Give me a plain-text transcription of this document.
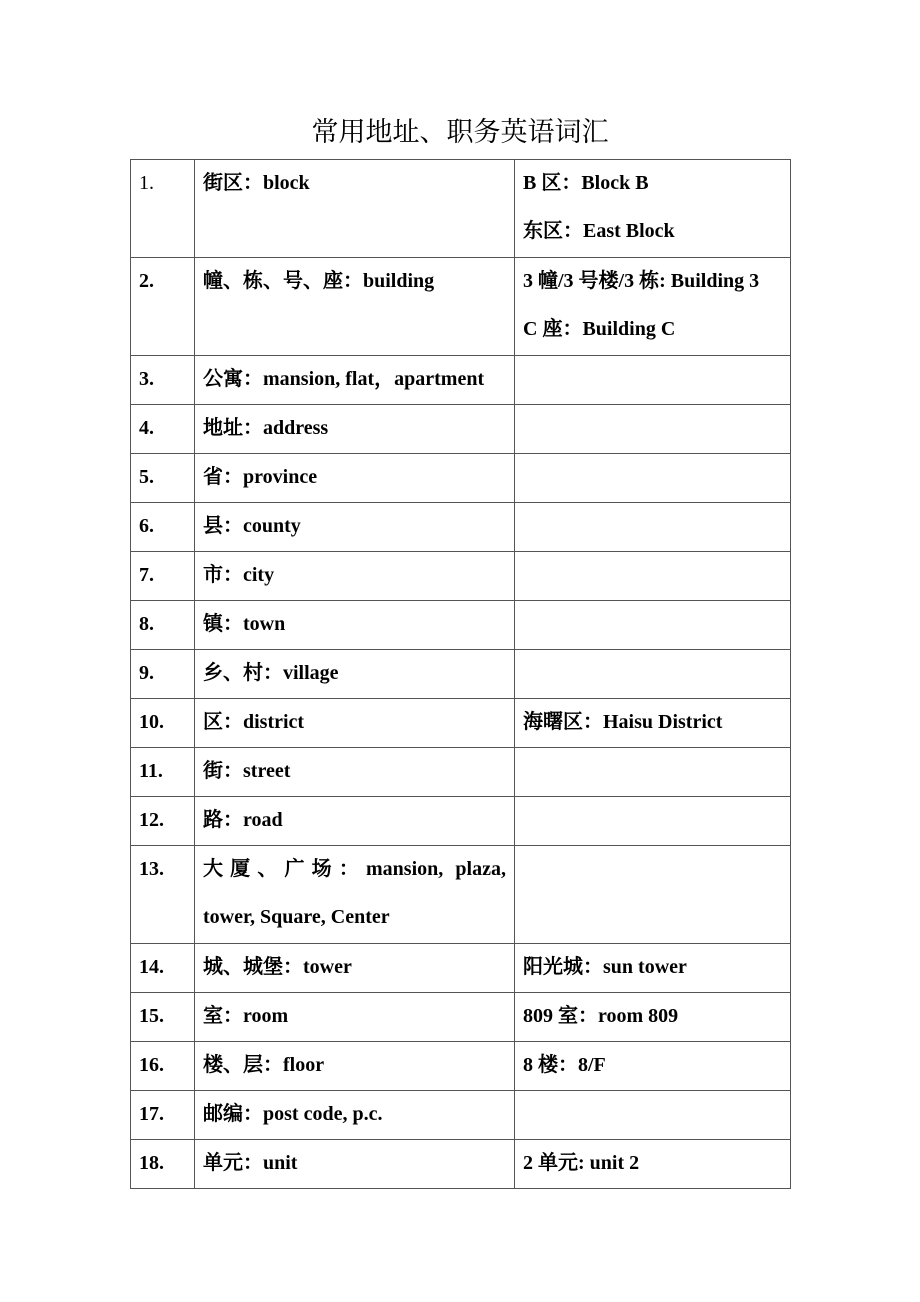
常用地址、职务英语词汇
1.	街区：block	B 区：Block B
东区：East Block

2.	幢、栋、号、座：building	3 幢/3 号楼/3 栋: Building 3
C 座：Building C

3.	公寓：mansion, flat，apartment	

4.	地址：address	

5.	省：province	

6.	县：county	

7.	市：city	

8.	镇：town	

9.	乡、村：village	

10.	区：district	海曙区：Haisu District

11.	街：street	

12.	路：road	

13.	大厦、广场：mansion, plaza,
tower, Square, Center	

14.	城、城堡：tower	阳光城：sun tower

15.	室：room	809 室：room 809

16.	楼、层：floor	8 楼：8/F

17.	邮编：post code, p.c.	

18.	单元：unit	2 单元: unit 2
